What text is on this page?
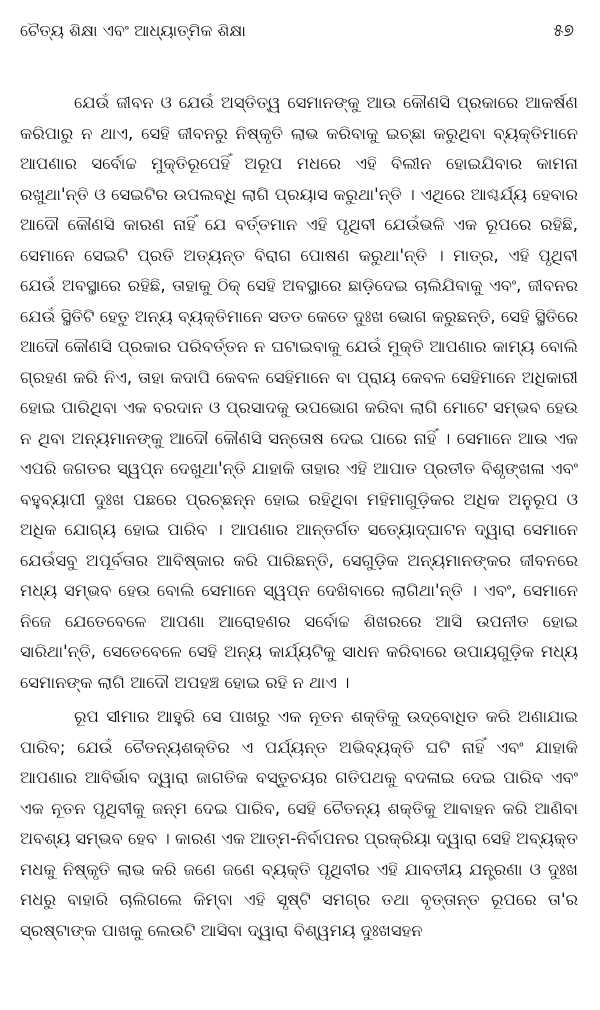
ଚୈତ୍ୟ ଶିକ୍ଷା ଏବଂ ଆଧ୍ୟାତ୍ମିକ ଶିକ୍ଷା	୫୭

ଯେଉଁ ଜୀବନ ଓ ଯେଉଁ ଅସ୍ତିତ୍ୱ ସେମାନଙ୍କୁ ଆଉ କୌଣସି ପ୍ରକାରେ ଆକର୍ଷଣ କରିପାରୁ ନ ଥାଏ, ସେହି ଜୀବନରୁ ନିଷ୍କୃତି ଲାଭ କରିବାକୁ ଇଚ୍ଛା କରୁଥିବା ବ୍ୟକ୍ତିମାନେ ଆପଣାର ସର୍ବୋଚ୍ଚ ମୁକ୍ତିରୂପେହିଁ ଅରୂପ ମଧରେ ଏହି ବିଲୀନ ହୋଇଯିବାର କାମନା ରଖୁଥା'ନ୍ତି ଓ ସେଇଟିର ଉପଲବ୍ଧି ଲାଗି ପ୍ରୟାସ କରୁଥା'ନ୍ତି । ଏଥିରେ ଆଶ୍ଚର୍ଯ୍ୟ ହେବାର ଆଦୌ କୌଣସି କାରଣ ନାହିଁ ଯେ ବର୍ତ୍ତମାନ ଏହି ପୃଥିବୀ ଯେଉଁଭଳି ଏକ ରୂପରେ ରହିଛି, ସେମାନେ ସେଇଟି ପ୍ରତି ଅତ୍ୟନ୍ତ ବିରାଗ ପୋଷଣ କରୁଥା'ନ୍ତି । ମାତ୍ର, ଏହି ପୃଥିବୀ ଯେଉଁ ଅବସ୍ଥାରେ ରହିଛି, ତାହାକୁ ଠିକ୍ ସେହି ଅବସ୍ଥାରେ ଛାଡ଼ିଦେଇ ଚାଲିଯିବାକୁ ଏବଂ, ଜୀବନର ଯେଉଁ ସ୍ଥିତିଟି ହେତୁ ଅନ୍ୟ ବ୍ୟକ୍ତିମାନେ ସତତ କେତେ ଦୁଃଖ ଭୋଗ କରୁଛନ୍ତି, ସେହି ସ୍ଥିତିରେ ଆଦୌ କୌଣସି ପ୍ରକାର ପରିବର୍ତ୍ତନ ନ ଘଟାଇବାକୁ ଯେଉଁ ମୁକ୍ତି ଆପଣାର କାମ୍ୟ ବୋଲି ଗ୍ରହଣ କରି ନିଏ, ତାହା କଦାପି କେବଳ ସେହିମାନେ ବା ପ୍ରାୟ କେବଳ ସେହିମାନେ ଅଧିକାରୀ ହୋଇ ପାରିଥିବା ଏକ ବରଦାନ ଓ ପ୍ରସାଦକୁ ଉପଭୋଗ କରିବା ଲାଗି ମୋଟେ ସମ୍ଭବ ହେଉ ନ ଥିବା ଅନ୍ୟମାନଙ୍କୁ ଆଦୌ କୌଣସି ସନ୍ତୋଷ ଦେଇ ପାରେ ନାହିଁ । ସେମାନେ ଆଉ ଏକ ଏପରି ଜଗତର ସ୍ୱପ୍ନ ଦେଖୁଥା'ନ୍ତି ଯାହାକି ତାହାର ଏହି ଆପାତ ପ୍ରତୀତ ବିଶୃଙ୍ଖଳା ଏବଂ ବହୁବ୍ୟାପୀ ଦୁଃଖ ପଛରେ ପ୍ରଚ୍ଛନ୍ନ ହୋଇ ରହିଥିବା ମହିମାଗୁଡ଼ିକର ଅଧିକ ଅନୁରୂପ ଓ ଅଧିକ ଯୋଗ୍ୟ ହୋଇ ପାରିବ । ଆପଣାର ଆନ୍ତର୍ଗତ ସତ୍ୟୋଦ୍‌ଘାଟନ ଦ୍ୱାରା ସେମାନେ ଯେଉଁସବୁ ଅପୂର୍ବତାର ଆବିଷ୍କାର କରି ପାରିଛନ୍ତି, ସେଗୁଡ଼ିକ ଅନ୍ୟମାନଙ୍କର ଜୀବନରେ ମଧ୍ୟ ସମ୍ଭବ ହେଉ ବୋଲି ସେମାନେ ସ୍ୱପ୍ନ ଦେଖିବାରେ ଲାଗିଥା'ନ୍ତି । ଏବଂ, ସେମାନେ ନିଜେ ଯେତେବେଳେ ଆପଣା ଆରୋହଣର ସର୍ବୋଚ୍ଚ ଶିଖରରେ ଆସି ଉପନୀତ ହୋଇ ସାରିଥା'ନ୍ତି, ସେତେବେଳେ ସେହି ଅନ୍ୟ କାର୍ଯ୍ୟଟିକୁ ସାଧନ କରିବାରେ ଉପାୟଗୁଡ଼ିକ ମଧ୍ୟ ସେମାନଙ୍କ ଲାଗି ଆଦୌ ଅପହଞ୍ଚ ହୋଇ ରହି ନ ଥାଏ ।

ରୂପ ସୀମାର ଆହୁରି ସେ ପାଖରୁ ଏକ ନୂତନ ଶକ୍ତିକୁ ଉଦ୍‌ବୋଧିତ କରି ଅଣାଯାଇ ପାରିବ; ଯେଉଁ ଚୈତନ୍ୟଶକ୍ତିର ଏ ପର୍ଯ୍ୟନ୍ତ ଅଭିବ୍ୟକ୍ତି ଘଟି ନାହିଁ ଏବଂ ଯାହାକି ଆପଣାର ଆବିର୍ଭାବ ଦ୍ୱାରା ଜାଗତିକ ବସ୍ତୁଚୟର ଗତିପଥକୁ ବଦଳାଇ ଦେଇ ପାରିବ ଏବଂ ଏକ ନୂତନ ପୃଥିବୀକୁ ଜନ୍ମ ଦେଇ ପାରିବ, ସେହି ଚୈତନ୍ୟ ଶକ୍ତିକୁ ଆବାହନ କରି ଆଣିବା ଅବଶ୍ୟ ସମ୍ଭବ ହେବ । କାରଣ ଏକ ଆତ୍ମ-ନିର୍ବାପନର ପ୍ରକ୍ରିୟା ଦ୍ୱାରା ସେହି ଅବ୍ୟକ୍ତ ମଧକୁ ନିଷ୍କୃତି ଲାଭ କରି ଜଣେ ଜଣେ ବ୍ୟକ୍ତି ପୃଥିବୀର ଏହି ଯାବତୀୟ ଯନ୍ତ୍ରଣା ଓ ଦୁଃଖ ମଧରୁ ବାହାରି ଚାଲିଗଲେ କିମ୍ବା ଏହି ସୃଷ୍ଟି ସମଗ୍ର ତଥା ବୃତ୍ତାନ୍ତ ରୂପରେ ତା'ର ସ୍ରଷ୍ଟାଙ୍କ ପାଖକୁ ଲେଉଟି ଆସିବା ଦ୍ୱାରା ବିଶ୍ୱମୟ ଦୁଃଖସହନ
